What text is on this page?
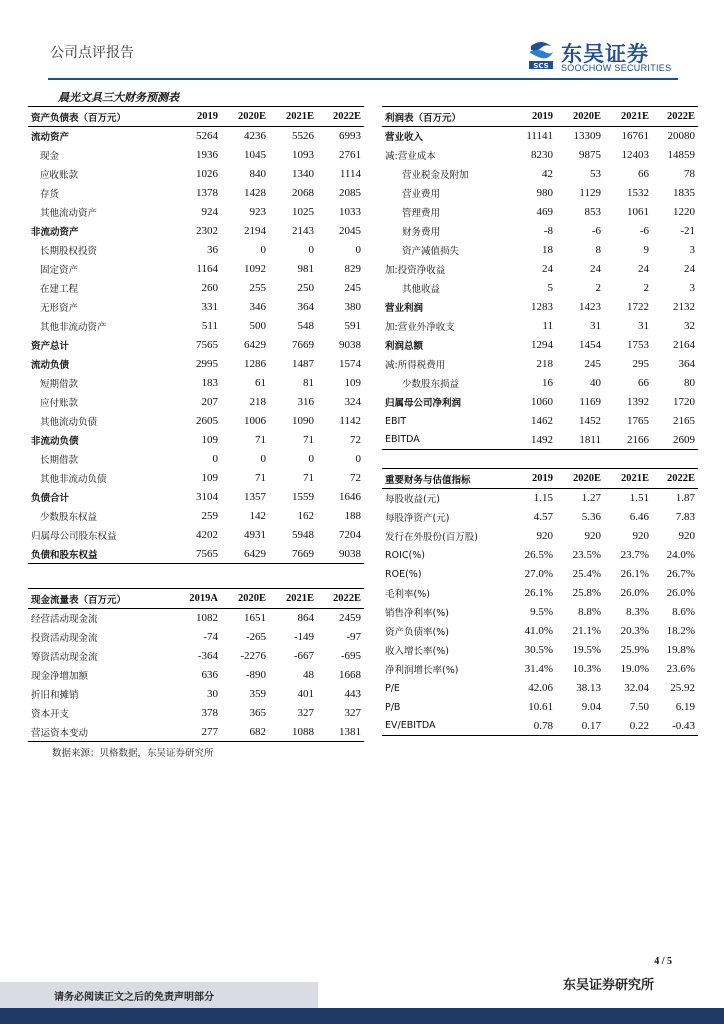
公司点评报告
SCS 东吴证券
SOOCHOW SECURITIES
晨光文具三大财务预测表
资产负债表（百万元）	2019	2020E	2021E	2022E
流动资产	5264	4236	5526	6993
现金	1936	1045	1093	2761
应收账款	1026	840	1340	1114
存货	1378	1428	2068	2085
其他流动资产	924	923	1025	1033
非流动资产	2302	2194	2143	2045
长期股权投资	36	0	0	0
固定资产	1164	1092	981	829
在建工程	260	255	250	245
无形资产	331	346	364	380
其他非流动资产	511	500	548	591
资产总计	7565	6429	7669	9038
流动负债	2995	1286	1487	1574
短期借款	183	61	81	109
应付账款	207	218	316	324
其他流动负债	2605	1006	1090	1142
非流动负债	109	71	71	72
长期借款	0	0	0	0
其他非流动负债	109	71	71	72
负债合计	3104	1357	1559	1646
少数股东权益	259	142	162	188
归属母公司股东权益	4202	4931	5948	7204
负债和股东权益	7565	6429	7669	9038
利润表（百万元）	2019	2020E	2021E	2022E
营业收入	11141	13309	16761	20080
减:营业成本	8230	9875	12403	14859
营业税金及附加	42	53	66	78
营业费用	980	1129	1532	1835
管理费用	469	853	1061	1220
财务费用	-8	-6	-6	-21
资产减值损失	18	8	9	3
加:投资净收益	24	24	24	24
其他收益	5	2	2	3
营业利润	1283	1423	1722	2132
加:营业外净收支	11	31	31	32
利润总额	1294	1454	1753	2164
减:所得税费用	218	245	295	364
少数股东损益	16	40	66	80
归属母公司净利润	1060	1169	1392	1720
EBIT	1462	1452	1765	2165
EBITDA	1492	1811	2166	2609

重要财务与估值指标	2019	2020E	2021E	2022E
每股收益(元)	1.15	1.27	1.51	1.87
每股净资产(元)	4.57	5.36	6.46	7.83
发行在外股份(百万股)	920	920	920	920
ROIC(%)	26.5%	23.5%	23.7%	24.0%
ROE(%)	27.0%	25.4%	26.1%	26.7%
毛利率(%)	26.1%	25.8%	26.0%	26.0%
销售净利率(%)	9.5%	8.8%	8.3%	8.6%
资产负债率(%)	41.0%	21.1%	20.3%	18.2%
收入增长率(%)	30.5%	19.5%	25.9%	19.8%
净利润增长率(%)	31.4%	10.3%	19.0%	23.6%
P/E	42.06	38.13	32.04	25.92
P/B	10.61	9.04	7.50	6.19
EV/EBITDA	0.78	0.17	0.22	-0.43
现金流量表（百万元）	2019A	2020E	2021E	2022E
经营活动现金流	1082	1651	864	2459
投资活动现金流	-74	-265	-149	-97
筹资活动现金流	-364	-2276	-667	-695
现金净增加额	636	-890	48	1668
折旧和摊销	30	359	401	443
资本开支	378	365	327	327
营运资本变动	277	682	1088	1381
数据来源：贝格数据，东吴证券研究所
4 / 5
东吴证券研究所
请务必阅读正文之后的免责声明部分
